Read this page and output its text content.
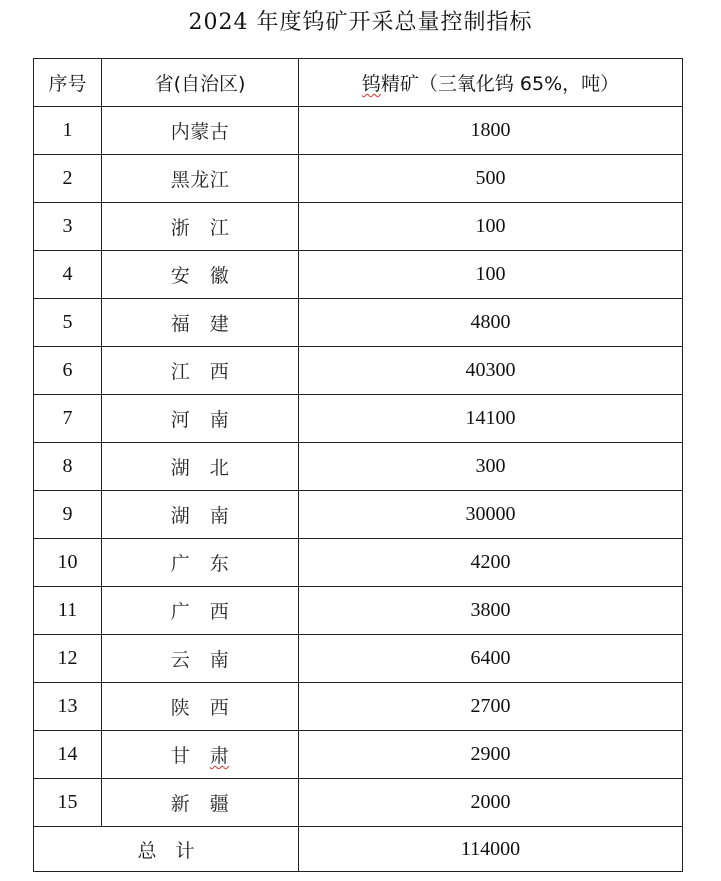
2024 年度钨矿开采总量控制指标
序号	省(自治区)	钨精矿（三氧化钨 65%，吨）
1	内蒙古	1800
2	黑龙江	500
3	浙　江	100
4	安　徽	100
5	福　建	4800
6	江　西	40300
7	河　南	14100
8	湖　北	300
9	湖　南	30000
10	广　东	4200
11	广　西	3800
12	云　南	6400
13	陕　西	2700
14	甘　肃	2900
15	新　疆	2000
总　计		114000
